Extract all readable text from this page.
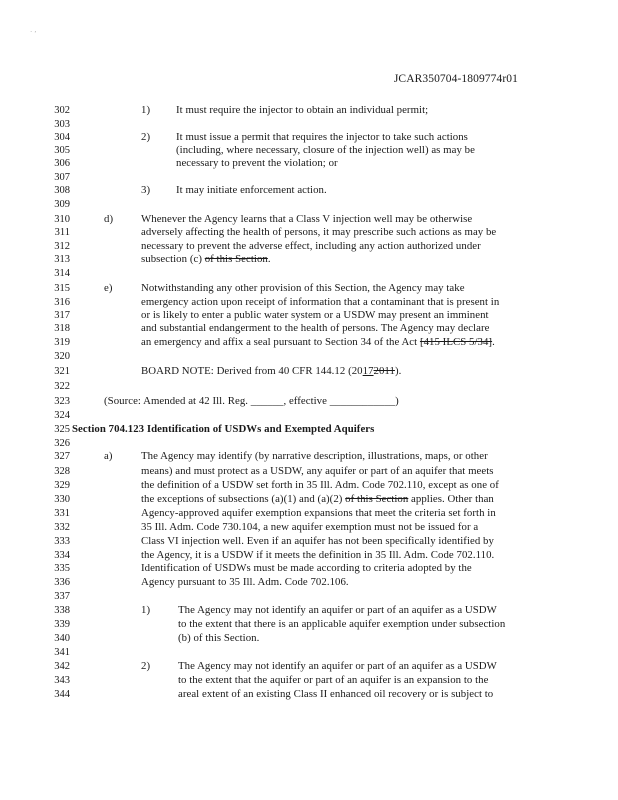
´ ʼ
JCAR350704-1809774r01
302
303
304
305
306
307
308
309
310
311
312
313
314
315
316
317
318
319
320
321
322
323
324
325
326
327
328
329
330
331
332
333
334
335
336
337
338
339
340
341
342
343
344
1) It must require the injector to obtain an individual permit;
2) It must issue a permit that requires the injector to take such actions
(including, where necessary, closure of the injection well) as may be
necessary to prevent the violation; or
3) It may initiate enforcement action.
d)	Whenever the Agency learns that a Class V injection well may be otherwise
adversely affecting the health of persons, it may prescribe such actions as may be
necessary to prevent the adverse effect, including any action authorized under
subsection (c) of this Section.
e)	Notwithstanding any other provision of this Section, the Agency may take
emergency action upon receipt of information that a contaminant that is present in
or is likely to enter a public water system or a USDW may present an imminent
and substantial endangerment to the health of persons. The Agency may declare
an emergency and affix a seal pursuant to Section 34 of the Act [415 ILCS 5/34].
BOARD NOTE: Derived from 40 CFR 144.12 (20172011).
(Source: Amended at 42 Ill. Reg. ______, effective ____________)
Section 704.123 Identification of USDWs and Exempted Aquifers
a)	The Agency may identify (by narrative description, illustrations, maps, or other
means) and must protect as a USDW, any aquifer or part of an aquifer that meets
the definition of a USDW set forth in 35 Ill. Adm. Code 702.110, except as one of
the exceptions of subsections (a)(1) and (a)(2) of this Section applies. Other than
Agency-approved aquifer exemption expansions that meet the criteria set forth in
35 Ill. Adm. Code 730.104, a new aquifer exemption must not be issued for a
Class VI injection well. Even if an aquifer has not been specifically identified by
the Agency, it is a USDW if it meets the definition in 35 Ill. Adm. Code 702.110.
Identification of USDWs must be made according to criteria adopted by the
Agency pursuant to 35 Ill. Adm. Code 702.106.
1)	The Agency may not identify an aquifer or part of an aquifer as a USDW
to the extent that there is an applicable aquifer exemption under subsection
(b) of this Section.
2)	The Agency may not identify an aquifer or part of an aquifer as a USDW
to the extent that the aquifer or part of an aquifer is an expansion to the
areal extent of an existing Class II enhanced oil recovery or is subject to
